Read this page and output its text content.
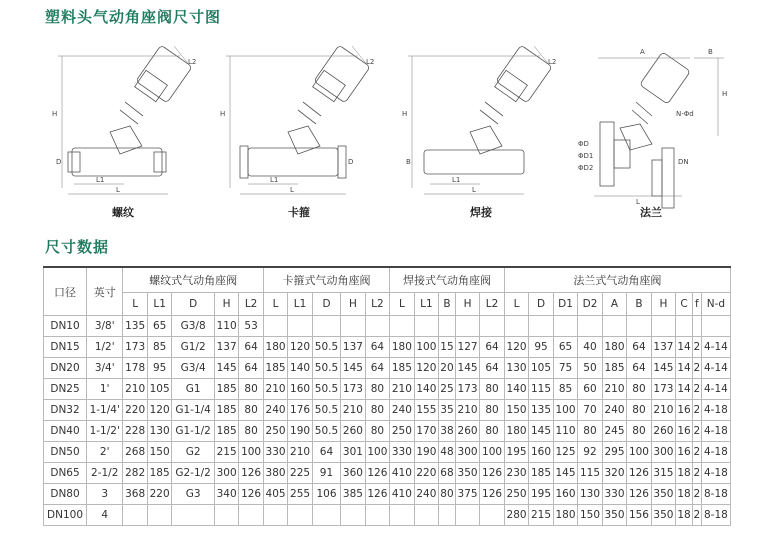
塑料头气动角座阀尺寸图
H
L
L1
L2
D
H
L
L1
L2
D
H
L
L1
L2
B
A	B
H
L
N-Φd
ΦD
ΦD1
ΦD2
DN
螺纹	卡箍	焊接	法兰
尺寸数据
口径	英寸	螺纹式气动角座阀					卡箍式气动角座阀					焊接式气动角座阀					法兰式气动角座阀									
		L	L1	D	H	L2	L	L1	D	H	L2	L	L1	B	H	L2	L	D	D1	D2	A	B	H	C	f	N-d
DN10	3/8'	135	65	G3/8	110	53																				
DN15	1/2'	173	85	G1/2	137	64	180	120	50.5	137	64	180	100	15	127	64	120	95	65	40	180	64	137	14	2	4-14
DN20	3/4'	178	95	G3/4	145	64	185	140	50.5	145	64	185	120	20	145	64	130	105	75	50	185	64	145	14	2	4-14
DN25	1'	210	105	G1	185	80	210	160	50.5	173	80	210	140	25	173	80	140	115	85	60	210	80	173	14	2	4-14
DN32	1-1/4'	220	120	G1-1/4	185	80	240	176	50.5	210	80	240	155	35	210	80	150	135	100	70	240	80	210	16	2	4-18
DN40	1-1/2'	228	130	G1-1/2	185	80	250	190	50.5	260	80	250	170	38	260	80	180	145	110	80	245	80	260	16	2	4-18
DN50	2'	268	150	G2	215	100	330	210	64	301	100	330	190	48	300	100	195	160	125	92	295	100	300	16	2	4-18
DN65	2-1/2	282	185	G2-1/2	300	126	380	225	91	360	126	410	220	68	350	126	230	185	145	115	320	126	315	18	2	4-18
DN80	3	368	220	G3	340	126	405	255	106	385	126	410	240	80	375	126	250	195	160	130	330	126	350	18	2	8-18
DN100	4																280	215	180	150	350	156	350	18	2	8-18
